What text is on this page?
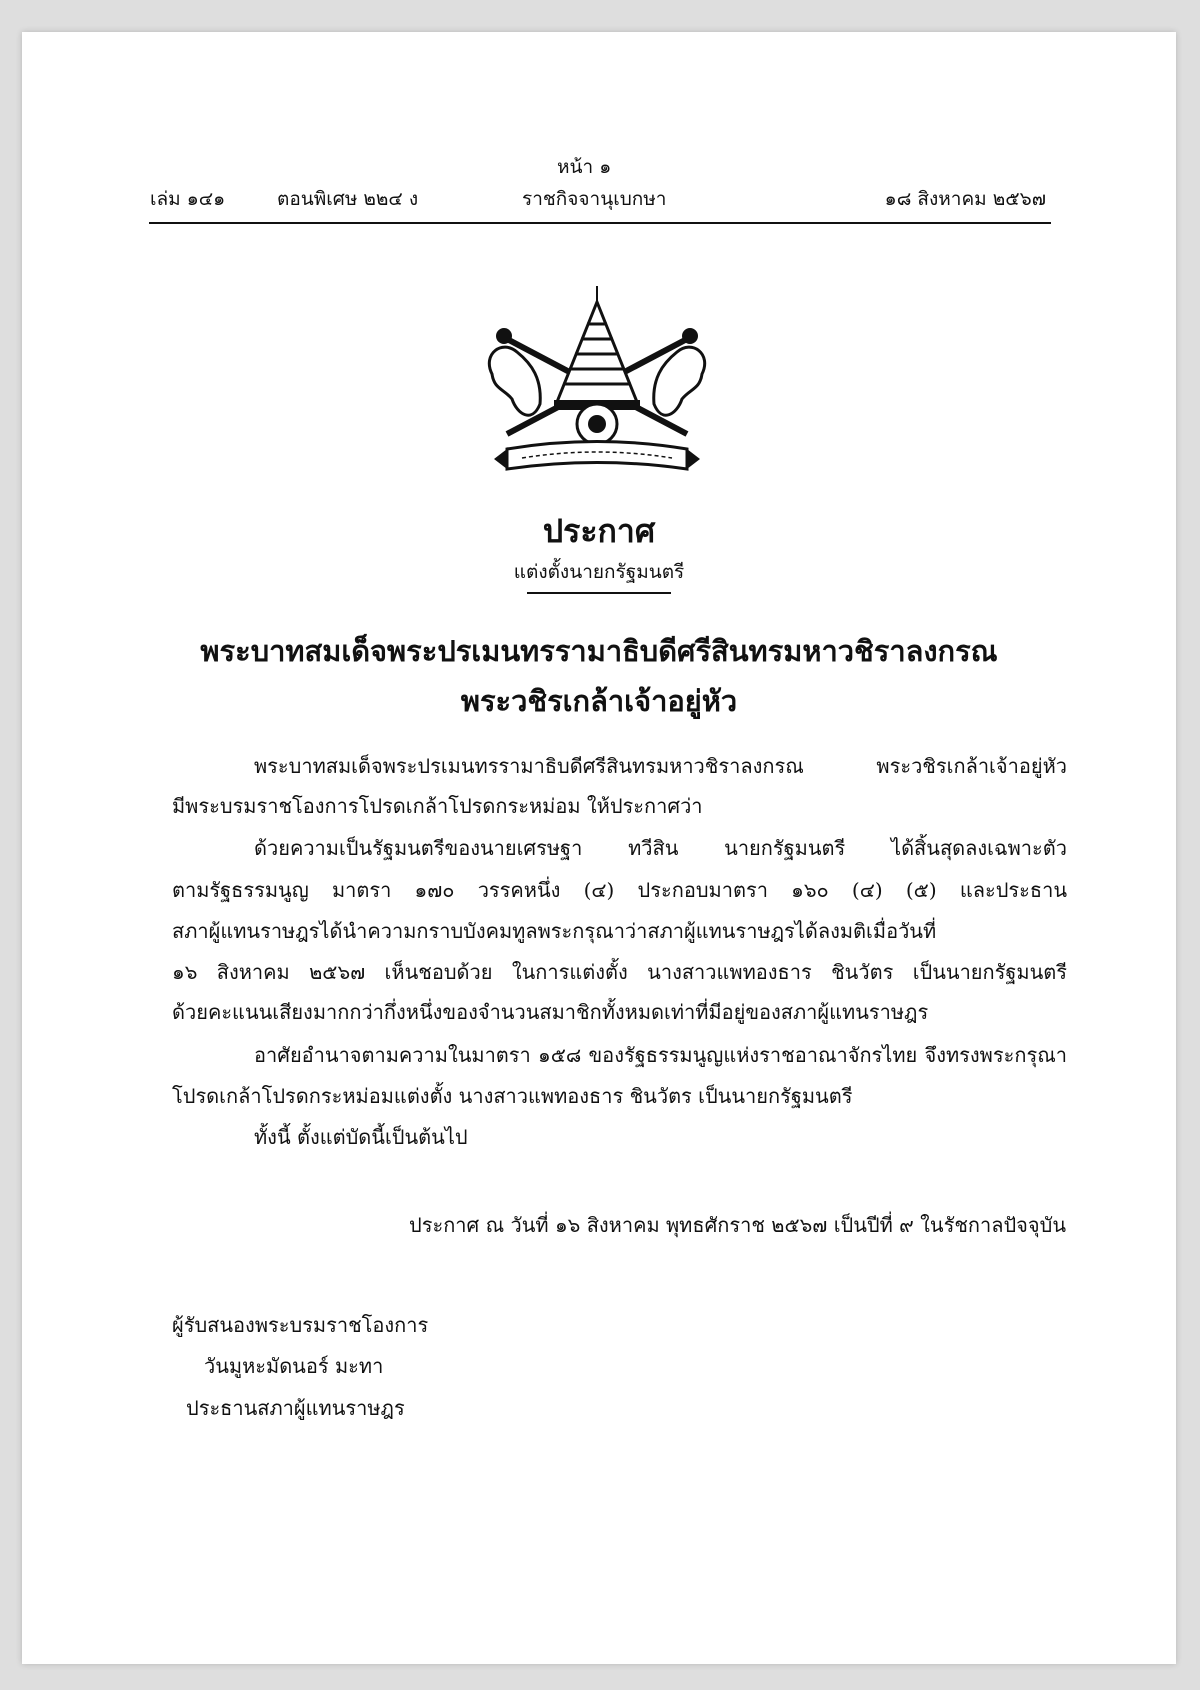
หน้า ๑
เล่ม ๑๔๑	ตอนพิเศษ ๒๒๔ ง	ราชกิจจานุเบกษา	๑๘ สิงหาคม ๒๕๖๗
ประกาศ
แต่งตั้งนายกรัฐมนตรี
พระบาทสมเด็จพระปรเมนทรรามาธิบดีศรีสินทรมหาวชิราลงกรณ
พระวชิรเกล้าเจ้าอยู่หัว
พระบาทสมเด็จพระปรเมนทรรามาธิบดีศรีสินทรมหาวชิราลงกรณ พระวชิรเกล้าเจ้าอยู่หัว
มีพระบรมราชโองการโปรดเกล้าโปรดกระหม่อม ให้ประกาศว่า
ด้วยความเป็นรัฐมนตรีของนายเศรษฐา ทวีสิน นายกรัฐมนตรี ได้สิ้นสุดลงเฉพาะตัว
ตามรัฐธรรมนูญ มาตรา ๑๗๐ วรรคหนึ่ง (๔) ประกอบมาตรา ๑๖๐ (๔) (๕) และประธาน
สภาผู้แทนราษฎรได้นำความกราบบังคมทูลพระกรุณาว่าสภาผู้แทนราษฎรได้ลงมติเมื่อวันที่
๑๖ สิงหาคม ๒๕๖๗ เห็นชอบด้วย ในการแต่งตั้ง นางสาวแพทองธาร ชินวัตร เป็นนายกรัฐมนตรี
ด้วยคะแนนเสียงมากกว่ากึ่งหนึ่งของจำนวนสมาชิกทั้งหมดเท่าที่มีอยู่ของสภาผู้แทนราษฎร
อาศัยอำนาจตามความในมาตรา ๑๕๘ ของรัฐธรรมนูญแห่งราชอาณาจักรไทย จึงทรงพระกรุณา
โปรดเกล้าโปรดกระหม่อมแต่งตั้ง นางสาวแพทองธาร ชินวัตร เป็นนายกรัฐมนตรี
ทั้งนี้ ตั้งแต่บัดนี้เป็นต้นไป
ประกาศ ณ วันที่ ๑๖ สิงหาคม พุทธศักราช ๒๕๖๗ เป็นปีที่ ๙ ในรัชกาลปัจจุบัน
ผู้รับสนองพระบรมราชโองการ
วันมูหะมัดนอร์ มะทา
ประธานสภาผู้แทนราษฎร
